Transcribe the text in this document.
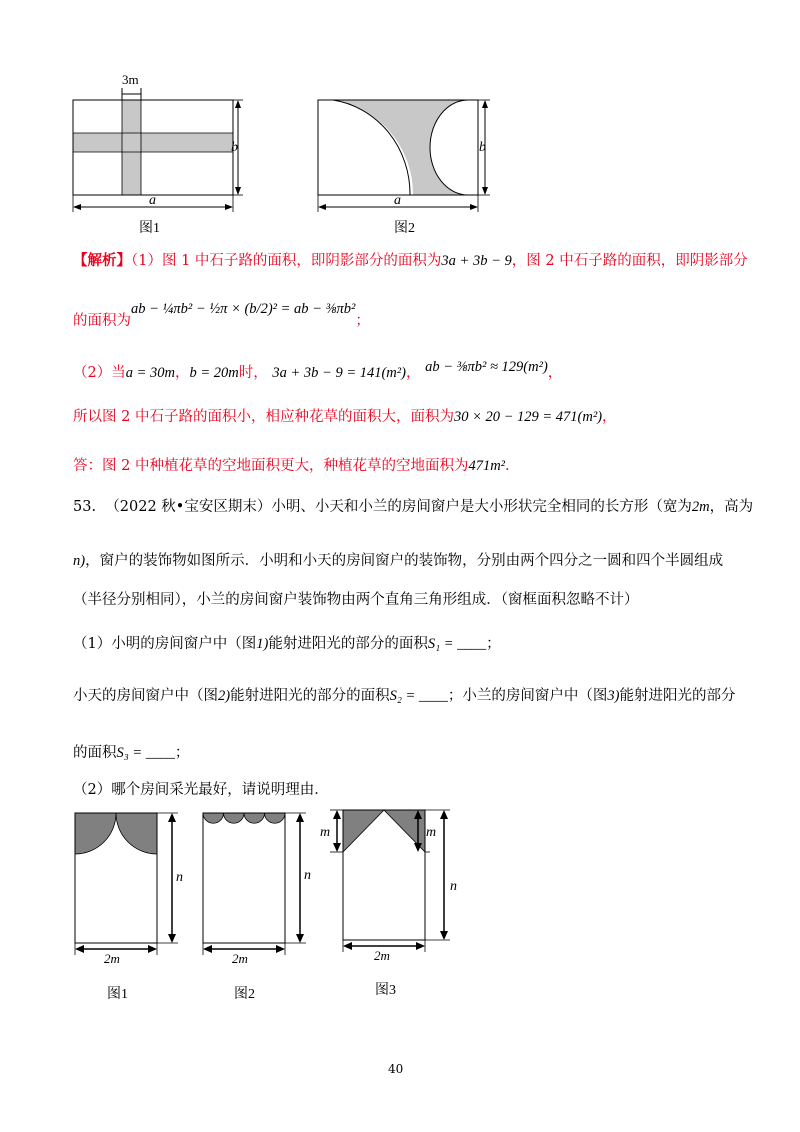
3m
b
a
图1
b
a
图2
【解析】（1）图 1 中石子路的面积，即阴影部分的面积为3a + 3b − 9，图 2 中石子路的面积，即阴影部分
的面积为ab − ¼πb² − ½π × (b/2)² = ab − ⅜πb²；
（2）当a = 30m，b = 20m时， 3a + 3b − 9 = 141(m²)， ab − ⅜πb² ≈ 129(m²)，
所以图 2 中石子路的面积小，相应种花草的面积大，面积为30 × 20 − 129 = 471(m²)，
答：图 2 中种植花草的空地面积更大，种植花草的空地面积为471m².
53. （2022 秋•宝安区期末）小明、小天和小兰的房间窗户是大小形状完全相同的长方形（宽为2m，高为
n)，窗户的装饰物如图所示．小明和小天的房间窗户的装饰物，分别由两个四分之一圆和四个半圆组成
（半径分别相同），小兰的房间窗户装饰物由两个直角三角形组成．（窗框面积忽略不计）
（1）小明的房间窗户中（图1)能射进阳光的部分的面积S₁ = ____；
小天的房间窗户中（图2)能射进阳光的部分的面积S₂ = ____；小兰的房间窗户中（图3)能射进阳光的部分
的面积S₃ = ____；
（2）哪个房间采光最好，请说明理由．
n
2m
图1
n
2m
图2
m	m
n
2m
图3
40
